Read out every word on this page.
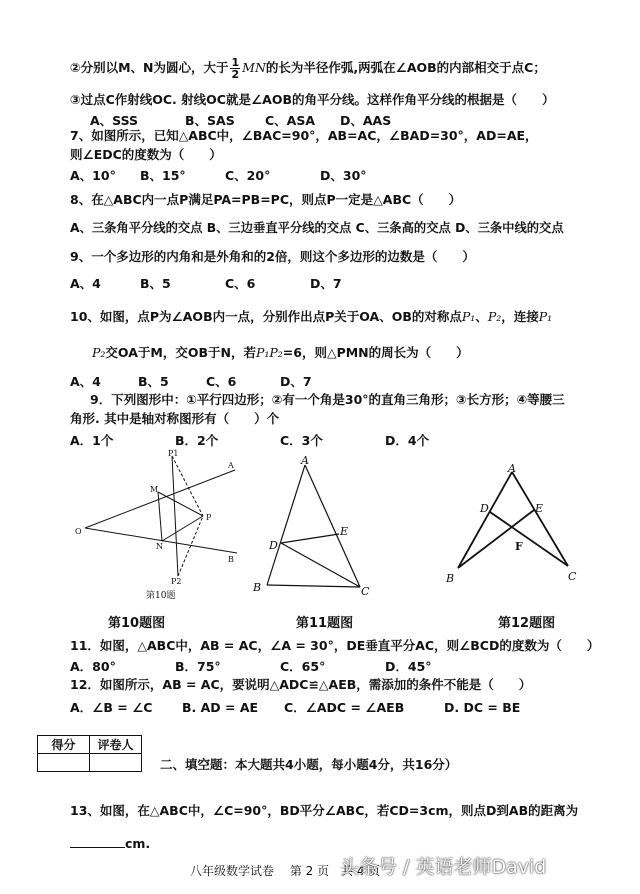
②分别以M、N为圆心，大于 $\frac{1}{2}$ MN的长为半径作弧,两弧在∠AOB的内部相交于点C；
③过点C作射线OC. 射线OC就是∠AOB的角平分线。这样作角平分线的根据是（　　）
A、SSS	B、SAS C、ASA D、AAS
7、如图所示，已知△ABC中，∠BAC=90°，AB=AC，∠BAD=30°，AD=AE，
则∠EDC的度数为（　　）
A、10° B、15°	C、20°	D、30°
8、在△ABC内一点P满足PA=PB=PC，则点P一定是△ABC（　　）
A、三条角平分线的交点 B、三边垂直平分线的交点 C、三条高的交点 D、三条中线的交点
9、一个多边形的内角和是外角和的2倍，则这个多边形的边数是（　　）
A、4	B、5	C、6	D、7
10、如图，点P为∠AOB内一点，分别作出点P关于OA、OB的对称点P₁、P₂，连接P₁
P₂交OA于M，交OB于N，若P₁P₂=6，则△PMN的周长为（　　）
A、4	B、5	C、6	D、7
9．下列图形中：①平行四边形；②有一个角是30°的直角三角形；③长方形；④等腰三
角形. 其中是轴对称图形有（　　）个
A．1个	B．2个	C．3个	D．4个
P1
A
M
P
O
N
B
P2
第10题
A
E
D
B	C
A
D	E
F
B	C
第10题图	第11题图	第12题图
11．如图，△ABC中，AB = AC，∠A = 30°，DE垂直平分AC，则∠BCD的度数为（　　）
A．80°	B．75°	C．65°	D．45°
12．如图所示，AB = AC，要说明△ADC≌△AEB，需添加的条件不能是（　　）
A．∠B = ∠C B. AD = AE C．∠ADC = ∠AEB	D. DC = BE
得分	评卷人

二、填空题：本大题共4小题，每小题4分，共16分）
13、如图，在△ABC中，∠C=90°，BD平分∠ABC，若CD=3cm，则点D到AB的距离为
cm.
八年级数学试卷　 第 2 页　共 4 页
头条号 / 英语老师David
